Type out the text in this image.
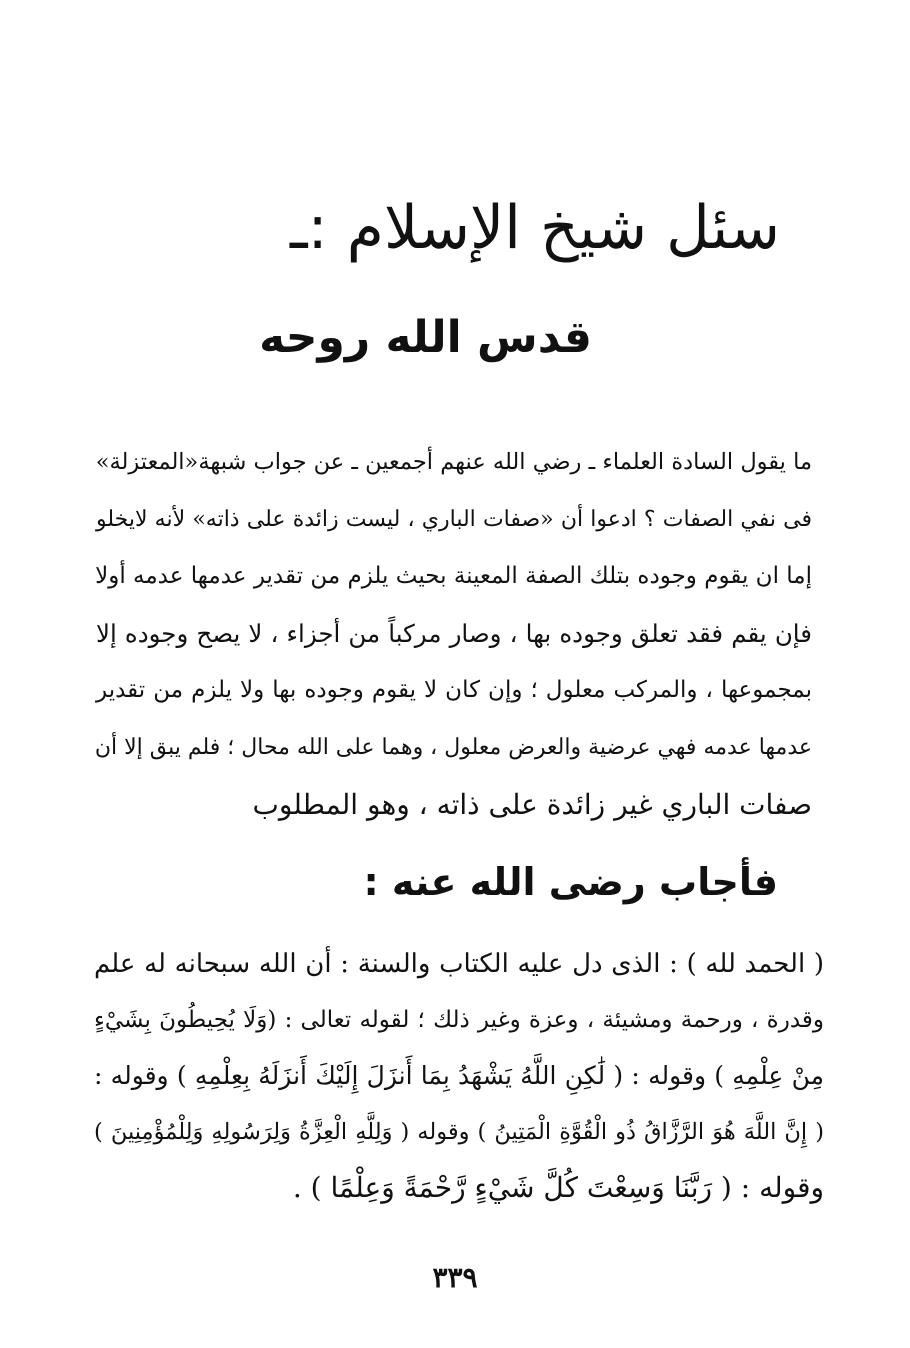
سئل شيخ الإسلام :ـ
قدس الله روحه
ما يقول السادة العلماء ـ رضي الله عنهم أجمعين ـ عن جواب شبهة«المعتزلة»
فى نفي الصفات ؟ ادعوا أن «صفات الباري ، ليست زائدة على ذاته» لأنه لايخلو
إما ان يقوم وجوده بتلك الصفة المعينة بحيث يلزم من تقدير عدمها عدمه أولا
فإن يقم فقد تعلق وجوده بها ، وصار مركباً من أجزاء ، لا يصح وجوده إلا
بمجموعها ، والمركب معلول ؛ وإن كان لا يقوم وجوده بها ولا يلزم من تقدير
عدمها عدمه فهي عرضية والعرض معلول ، وهما على الله محال ؛ فلم يبق إلا أن
صفات الباري غير زائدة على ذاته ، وهو المطلوب
فأجاب رضى الله عنه :
( الحمد لله ) : الذى دل عليه الكتاب والسنة : أن الله سبحانه له علم
وقدرة ، ورحمة ومشيئة ، وعزة وغير ذلك ؛ لقوله تعالى : (وَلَا يُحِيطُونَ بِشَيْءٍ
مِنْ عِلْمِهِ ) وقوله : ( لَٰكِنِ اللَّهُ يَشْهَدُ بِمَا أَنزَلَ إِلَيْكَ أَنزَلَهُ بِعِلْمِهِ ) وقوله :
( إِنَّ اللَّهَ هُوَ الرَّزَّاقُ ذُو الْقُوَّةِ الْمَتِينُ ) وقوله ( وَلِلَّهِ الْعِزَّةُ وَلِرَسُولِهِ وَلِلْمُؤْمِنِينَ )
وقوله : ( رَبَّنَا وَسِعْتَ كُلَّ شَيْءٍ رَّحْمَةً وَعِلْمًا ) .
٣٣٩
